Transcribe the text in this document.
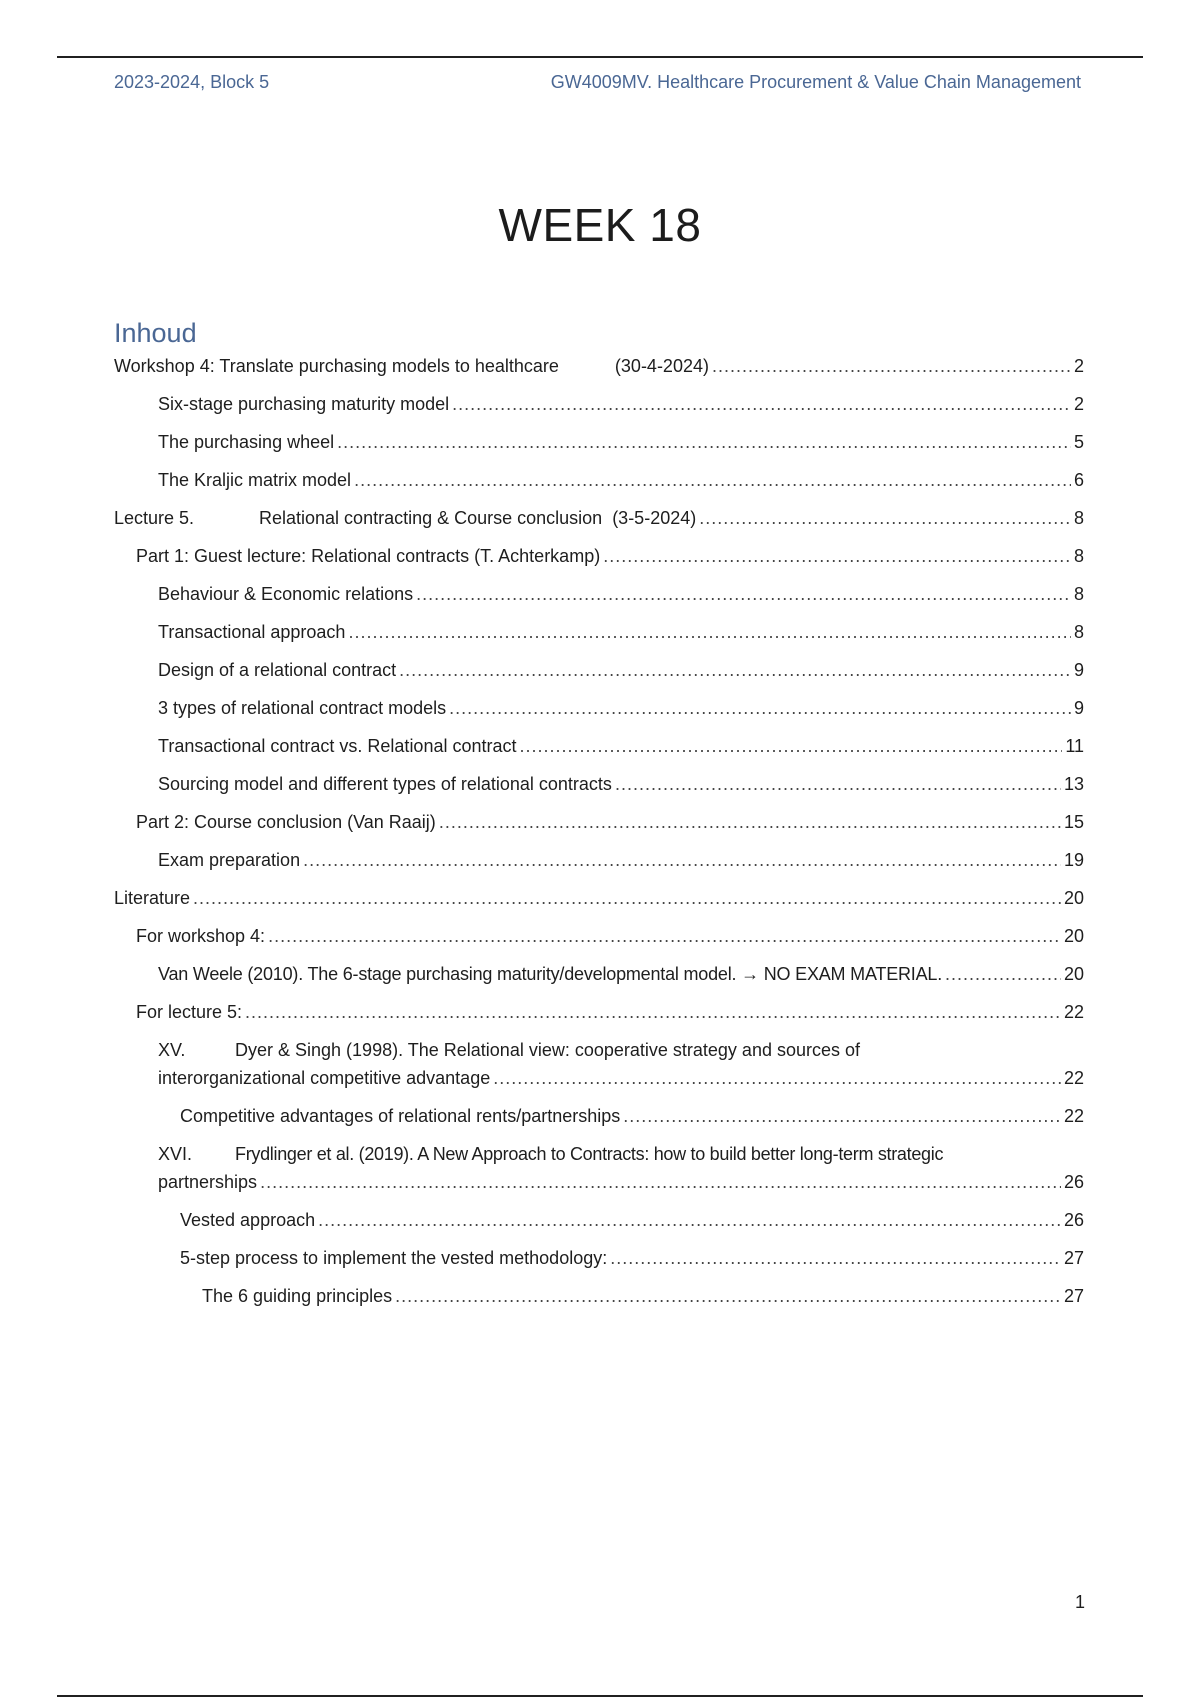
2023-2024, Block 5	GW4009MV. Healthcare Procurement & Value Chain Management
WEEK 18
Inhoud
Workshop 4: Translate purchasing models to healthcare	(30-4-2024) .....	2
Six-stage purchasing maturity model .....	2
The purchasing wheel .....	5
The Kraljic matrix model .....	6
Lecture 5.	Relational contracting & Course conclusion (3-5-2024) .....	8
Part 1: Guest lecture: Relational contracts (T. Achterkamp) .....	8
Behaviour & Economic relations .....	8
Transactional approach .....	8
Design of a relational contract .....	9
3 types of relational contract models .....	9
Transactional contract vs. Relational contract .....	11
Sourcing model and different types of relational contracts .....	13
Part 2: Course conclusion (Van Raaij) .....	15
Exam preparation .....	19
Literature .....	20
For workshop 4: .....	20
Van Weele (2010). The 6-stage purchasing maturity/developmental model. → NO EXAM MATERIAL. .....	20
For lecture 5: .....	22
XV.	Dyer & Singh (1998). The Relational view: cooperative strategy and sources of
interorganizational competitive advantage .....	22
Competitive advantages of relational rents/partnerships .....	22
XVI. Frydlinger et al. (2019). A New Approach to Contracts: how to build better long-term strategic
partnerships .....	26
Vested approach .....	26
5-step process to implement the vested methodology: .....	27
The 6 guiding principles .....	27
1
